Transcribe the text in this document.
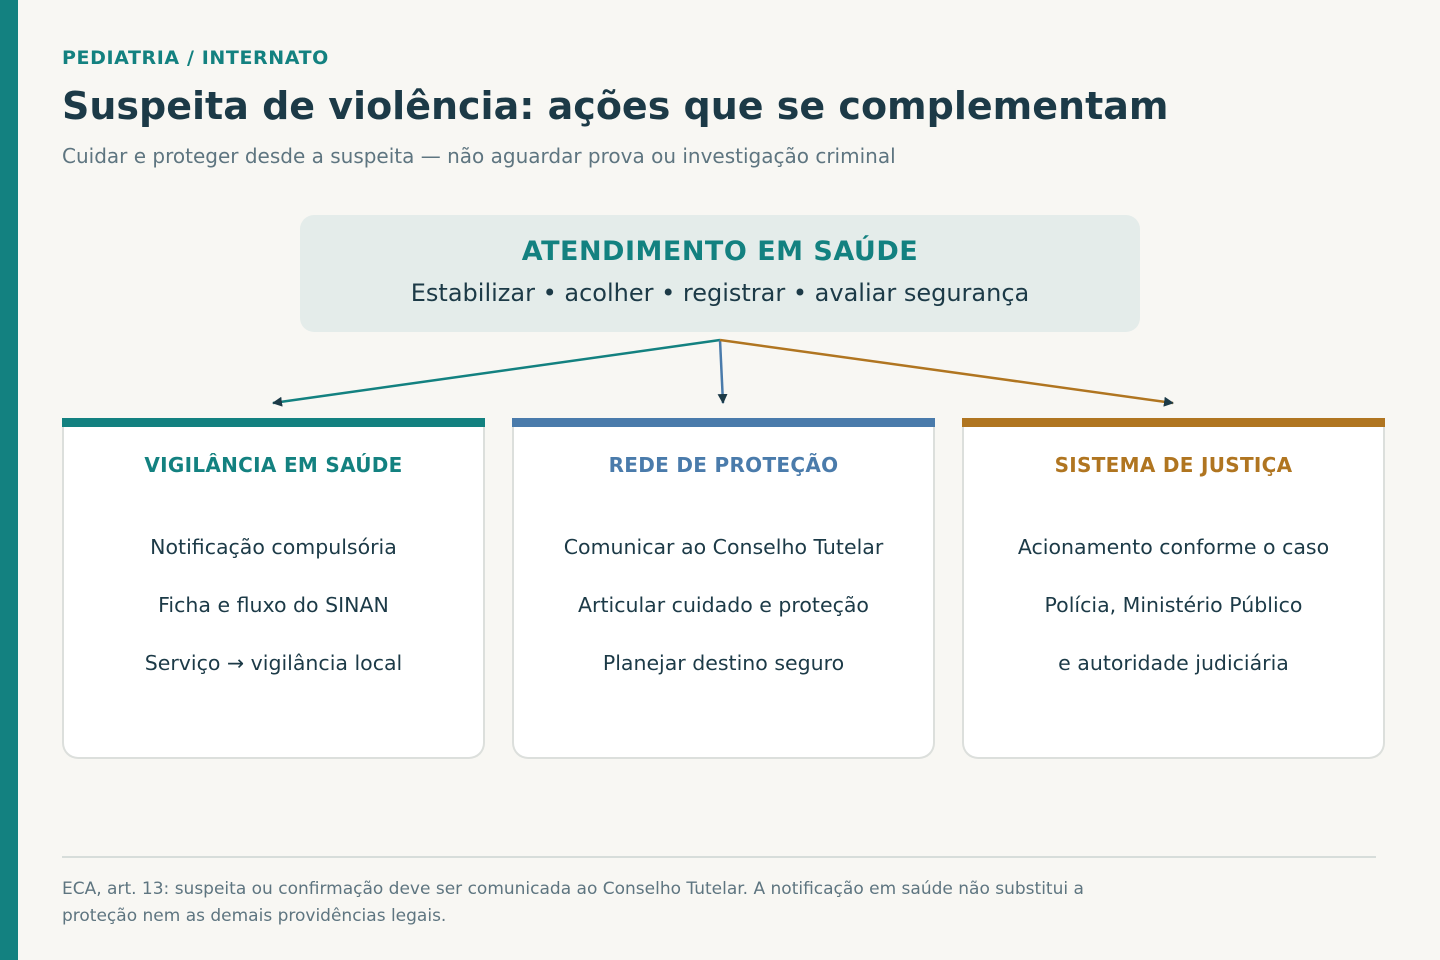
PEDIATRIA / INTERNATO
Suspeita de violência: ações que se complementam
Cuidar e proteger desde a suspeita — não aguardar prova ou investigação criminal
ATENDIMENTO EM SAÚDE
Estabilizar • acolher • registrar • avaliar segurança
VIGILÂNCIA EM SAÚDE
Notificação compulsória
Ficha e fluxo do SINAN
Serviço → vigilância local
REDE DE PROTEÇÃO
Comunicar ao Conselho Tutelar
Articular cuidado e proteção
Planejar destino seguro
SISTEMA DE JUSTIÇA
Acionamento conforme o caso
Polícia, Ministério Público
e autoridade judiciária

ECA, art. 13: suspeita ou confirmação deve ser comunicada ao Conselho Tutelar. A notificação em saúde não substitui a proteção nem as demais providências legais.
